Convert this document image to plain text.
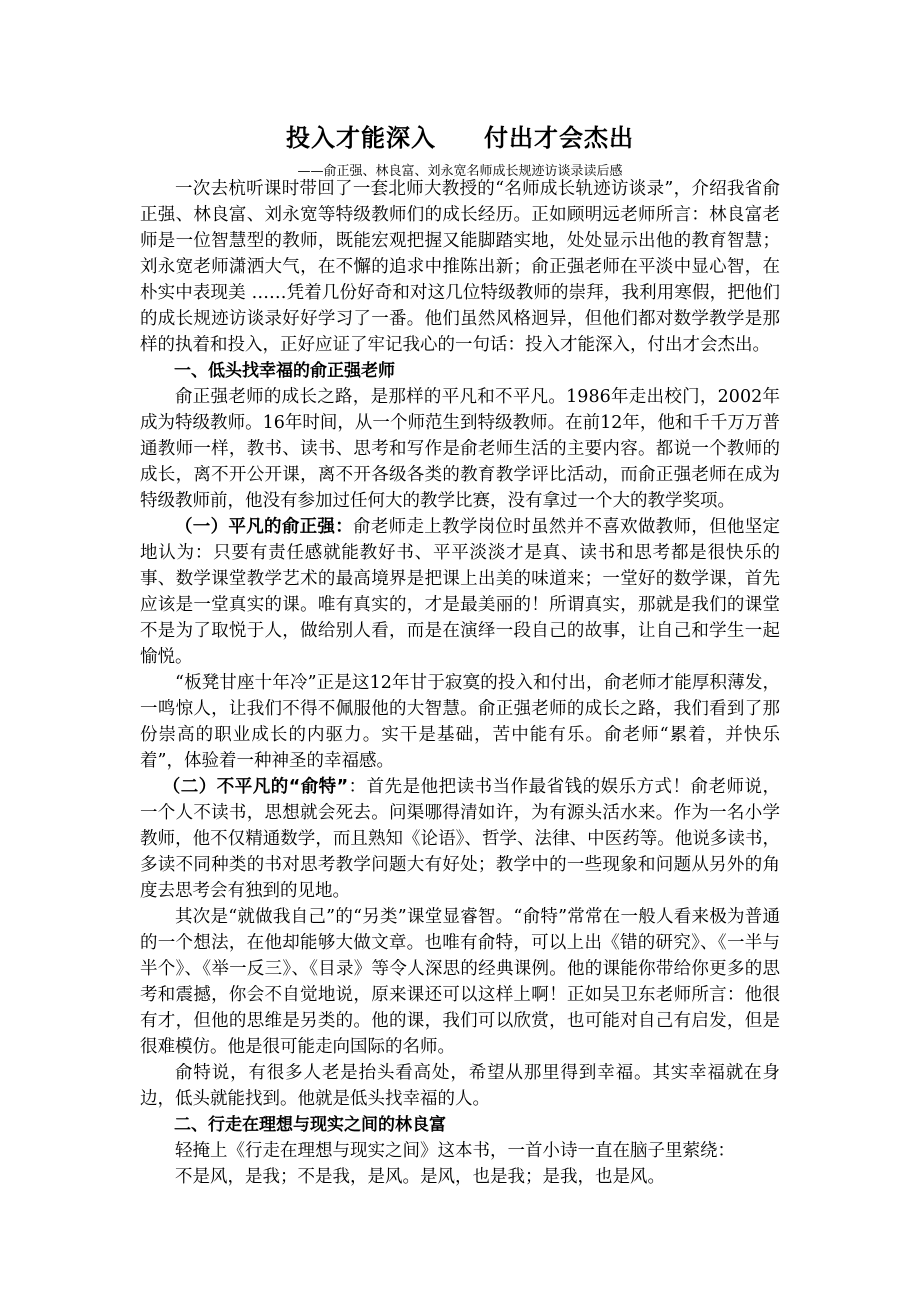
投入才能深入 付出才会杰出
——俞正强、林良富、刘永宽名师成长规迹访谈录读后感

一次去杭听课时带回了一套北师大教授的“名师成长轨迹访谈录”，介绍我省俞正强、林良富、刘永宽等特级教师们的成长经历。正如顾明远老师所言：林良富老师是一位智慧型的教师，既能宏观把握又能脚踏实地，处处显示出他的教育智慧；刘永宽老师潇洒大气，在不懈的追求中推陈出新；俞正强老师在平淡中显心智，在朴实中表现美 ……凭着几份好奇和对这几位特级教师的崇拜，我利用寒假，把他们的成长规迹访谈录好好学习了一番。他们虽然风格迥异，但他们都对数学教学是那样的执着和投入，正好应证了牢记我心的一句话：投入才能深入，付出才会杰出。

一、低头找幸福的俞正强老师

俞正强老师的成长之路，是那样的平凡和不平凡。1986年走出校门，2002年成为特级教师。16年时间，从一个师范生到特级教师。在前12年，他和千千万万普通教师一样，教书、读书、思考和写作是俞老师生活的主要内容。都说一个教师的成长，离不开公开课，离不开各级各类的教育教学评比活动，而俞正强老师在成为特级教师前，他没有参加过任何大的教学比赛，没有拿过一个大的教学奖项。

（一）平凡的俞正强：俞老师走上教学岗位时虽然并不喜欢做教师，但他坚定地认为：只要有责任感就能教好书、平平淡淡才是真、读书和思考都是很快乐的事、数学课堂教学艺术的最高境界是把课上出美的味道来；一堂好的数学课，首先应该是一堂真实的课。唯有真实的，才是最美丽的！所谓真实，那就是我们的课堂不是为了取悦于人，做给别人看，而是在演绎一段自己的故事，让自己和学生一起愉悦。

“板凳甘座十年冷”正是这12年甘于寂寞的投入和付出，俞老师才能厚积薄发，一鸣惊人，让我们不得不佩服他的大智慧。俞正强老师的成长之路，我们看到了那份崇高的职业成长的内驱力。实干是基础，苦中能有乐。俞老师“累着，并快乐着”，体验着一种神圣的幸福感。

（二）不平凡的“俞特”：首先是他把读书当作最省钱的娱乐方式！俞老师说，一个人不读书，思想就会死去。问渠哪得清如许，为有源头活水来。作为一名小学教师，他不仅精通数学，而且熟知《论语》、哲学、法律、中医药等。他说多读书，多读不同种类的书对思考教学问题大有好处；教学中的一些现象和问题从另外的角度去思考会有独到的见地。

其次是“就做我自己”的“另类”课堂显睿智。“俞特”常常在一般人看来极为普通的一个想法，在他却能够大做文章。也唯有俞特，可以上出《错的研究》、《一半与半个》、《举一反三》、《目录》等令人深思的经典课例。他的课能你带给你更多的思考和震撼，你会不自觉地说，原来课还可以这样上啊！正如吴卫东老师所言：他很有才，但他的思维是另类的。他的课，我们可以欣赏，也可能对自己有启发，但是很难模仿。他是很可能走向国际的名师。

俞特说，有很多人老是抬头看高处，希望从那里得到幸福。其实幸福就在身边，低头就能找到。他就是低头找幸福的人。

二、行走在理想与现实之间的林良富

轻掩上《行走在理想与现实之间》这本书，一首小诗一直在脑子里萦绕：

不是风，是我；不是我，是风。是风，也是我；是我，也是风。
